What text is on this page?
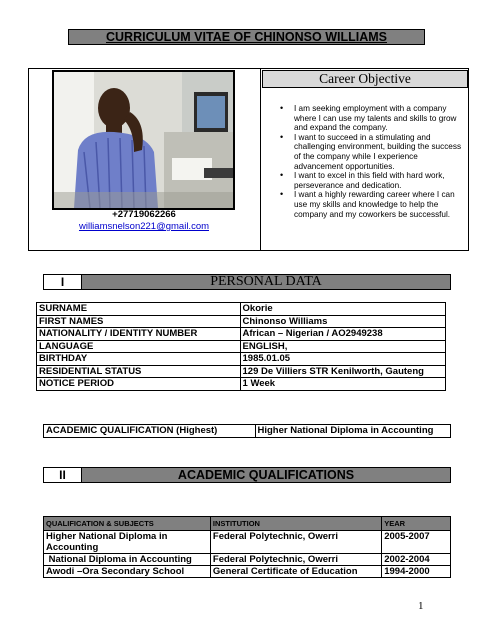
CURRICULUM VITAE OF CHINONSO WILLIAMS
+27719062266
williamsnelson221@gmail.com
Career Objective
• I am seeking employment with a company where I can use my talents and skills to grow and expand the company.
• I want to succeed in a stimulating and challenging environment, building the success of the company while I experience advancement opportunities.
• I want to excel in this field with hard work, perseverance and dedication.
• I want a highly rewarding career where I can use my skills and knowledge to help the company and my coworkers be successful.
I	PERSONAL DATA
SURNAME	Okorie
FIRST NAMES	Chinonso Williams
NATIONALITY / IDENTITY NUMBER	African – Nigerian / AO2949238
LANGUAGE	ENGLISH,
BIRTHDAY	1985.01.05
RESIDENTIAL STATUS	129 De Villiers STR Kenilworth, Gauteng
NOTICE PERIOD	1 Week
ACADEMIC QUALIFICATION (Highest)	Higher National Diploma in Accounting
II	ACADEMIC QUALIFICATIONS
QUALIFICATION & SUBJECTS	INSTITUTION	YEAR
Higher National Diploma in Accounting	Federal Polytechnic, Owerri	2005-2007
National Diploma in Accounting	Federal Polytechnic, Owerri	2002-2004
Awodi –Ora Secondary School	General Certificate of Education	1994-2000
1
